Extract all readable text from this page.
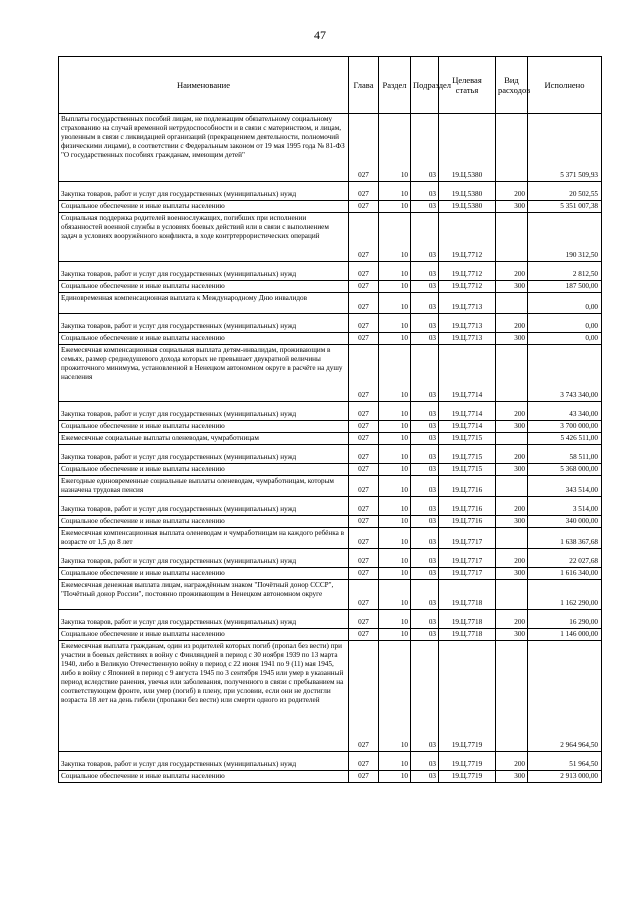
47
Наименование	Глава	Раздел	Подраздел	Целевая статья	Вид расходов	Исполнено
Выплаты государственных пособий лицам, не подлежащим обязательному социальному страхованию на случай временной нетрудоспособности и в связи с материнством, и лицам, уволенным в связи с ликвидацией организаций (прекращением деятельности, полномочий физическими лицами), в соответствии с Федеральным законом от 19 мая 1995 года № 81-ФЗ "О государственных пособиях гражданам, имеющим детей"	027	10	03	19.Ц.5380		5 371 509,93
Закупка товаров, работ и услуг для государственных (муниципальных) нужд	027	10	03	19.Ц.5380	200	20 502,55
Социальное обеспечение и иные выплаты населению	027	10	03	19.Ц.5380	300	5 351 007,38
Социальная поддержка родителей военнослужащих, погибших при исполнении обязанностей военной службы в условиях боевых действий или в связи с выполнением задач в условиях вооружённого конфликта, в ходе контртеррористических операций	027	10	03	19.Ц.7712		190 312,50
Закупка товаров, работ и услуг для государственных (муниципальных) нужд	027	10	03	19.Ц.7712	200	2 812,50
Социальное обеспечение и иные выплаты населению	027	10	03	19.Ц.7712	300	187 500,00
Единовременная компенсационная выплата к Международному Дню инвалидов	027	10	03	19.Ц.7713		0,00
Закупка товаров, работ и услуг для государственных (муниципальных) нужд	027	10	03	19.Ц.7713	200	0,00
Социальное обеспечение и иные выплаты населению	027	10	03	19.Ц.7713	300	0,00
Ежемесячная компенсационная социальная выплата детям-инвалидам, проживающим в семьях, размер среднедушевого дохода которых не превышает двукратной величины прожиточного минимума, установленной в Ненецком автономном округе в расчёте на душу населения	027	10	03	19.Ц.7714		3 743 340,00
Закупка товаров, работ и услуг для государственных (муниципальных) нужд	027	10	03	19.Ц.7714	200	43 340,00
Социальное обеспечение и иные выплаты населению	027	10	03	19.Ц.7714	300	3 700 000,00
Ежемесячные социальные выплаты оленеводам, чумработницам	027	10	03	19.Ц.7715		5 426 511,00
Закупка товаров, работ и услуг для государственных (муниципальных) нужд	027	10	03	19.Ц.7715	200	58 511,00
Социальное обеспечение и иные выплаты населению	027	10	03	19.Ц.7715	300	5 368 000,00
Ежегодные единовременные социальные выплаты оленеводам, чумработницам, которым назначена трудовая пенсия	027	10	03	19.Ц.7716		343 514,00
Закупка товаров, работ и услуг для государственных (муниципальных) нужд	027	10	03	19.Ц.7716	200	3 514,00
Социальное обеспечение и иные выплаты населению	027	10	03	19.Ц.7716	300	340 000,00
Ежемесячная компенсационная выплата оленеводам и чумработницам на каждого ребёнка в возрасте от 1,5 до 8 лет	027	10	03	19.Ц.7717		1 638 367,68
Закупка товаров, работ и услуг для государственных (муниципальных) нужд	027	10	03	19.Ц.7717	200	22 027,68
Социальное обеспечение и иные выплаты населению	027	10	03	19.Ц.7717	300	1 616 340,00
Ежемесячная денежная выплата лицам, награждённым знаком "Почётный донор СССР", "Почётный донор России", постоянно проживающим в Ненецком автономном округе	027	10	03	19.Ц.7718		1 162 290,00
Закупка товаров, работ и услуг для государственных (муниципальных) нужд	027	10	03	19.Ц.7718	200	16 290,00
Социальное обеспечение и иные выплаты населению	027	10	03	19.Ц.7718	300	1 146 000,00
Ежемесячная выплата гражданам, один из родителей которых погиб (пропал без вести) при участии в боевых действиях в войну с Финляндией в период с 30 ноября 1939 по 13 марта 1940, либо в Великую Отечественную войну в период с 22 июня 1941 по 9 (11) мая 1945, либо в войну с Японией в период с 9 августа 1945 по 3 сентября 1945 или умер в указанный период вследствие ранения, увечья или заболевания, полученного в связи с пребыванием на соответствующем фронте, или умер (погиб) в плену, при условии, если они не достигли возраста 18 лет на день гибели (пропажи без вести) или смерти одного из родителей	027	10	03	19.Ц.7719		2 964 964,50
Закупка товаров, работ и услуг для государственных (муниципальных) нужд	027	10	03	19.Ц.7719	200	51 964,50
Социальное обеспечение и иные выплаты населению	027	10	03	19.Ц.7719	300	2 913 000,00
